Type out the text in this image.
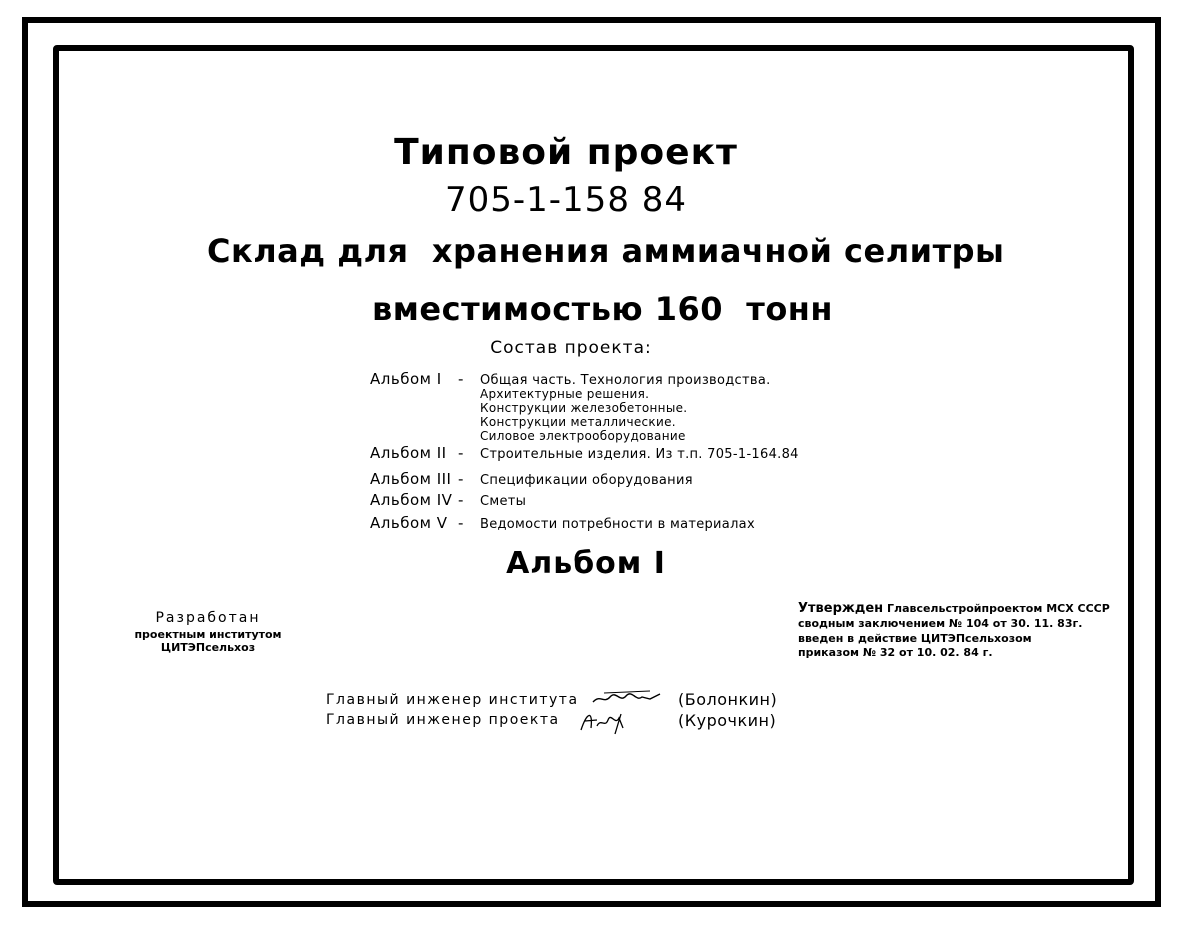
Типовой проект
705-1-158 84
Склад для  хранения аммиачной селитры
вместимостью 160  тонн
Состав проекта:
Альбом I - Общая часть. Технология производства.
Архитектурные решения.
Конструкции железобетонные.
Конструкции металлические.
Силовое электрооборудование
Альбом II - Строительные изделия. Из т.п. 705-1-164.84
Альбом III - Спецификации оборудования
Альбом IV - Сметы
Альбом V - Ведомости потребности в материалах
Альбом I
Разработан
проектным институтом
ЦИТЭПсельхоз
Утвержден Главсельстройпроектом МСХ СССР
сводным заключением № 104 от 30. 11. 83г.
введен в действие ЦИТЭПсельхозом
приказом № 32 от 10. 02. 84 г.
Главный инженер института	(Болонкин)
Главный инженер проекта	(Курочкин)
